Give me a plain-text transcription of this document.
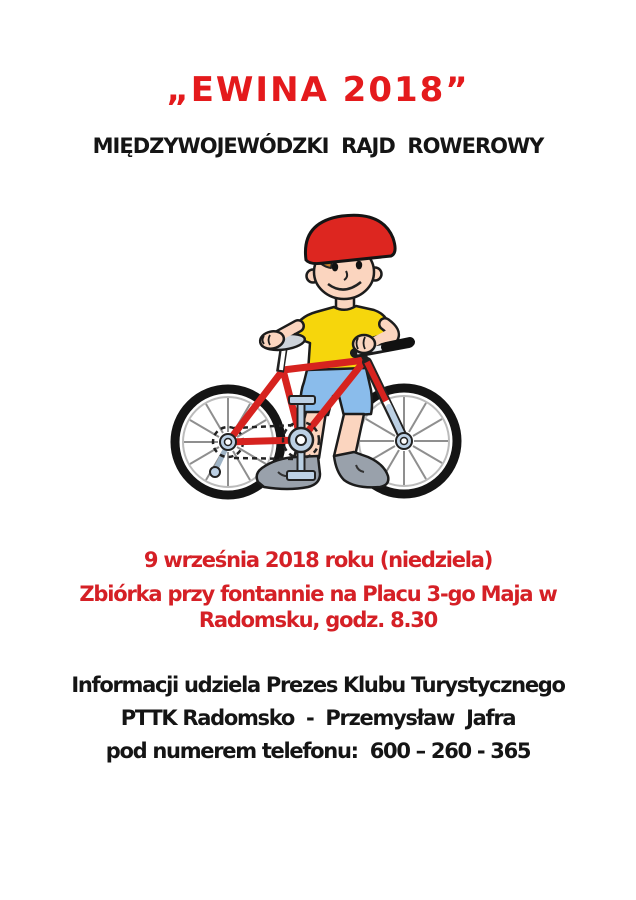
„EWINA 2018”
MIĘDZYWOJEWÓDZKI  RAJD  ROWEROWY

9 września 2018 roku (niedziela)

Zbiórka przy fontannie na Placu 3-go Maja w
Radomsku, godz. 8.30

Informacji udziela Prezes Klubu Turystycznego

PTTK Radomsko  -  Przemysław  Jafra

pod numerem telefonu:  600 – 260 - 365
